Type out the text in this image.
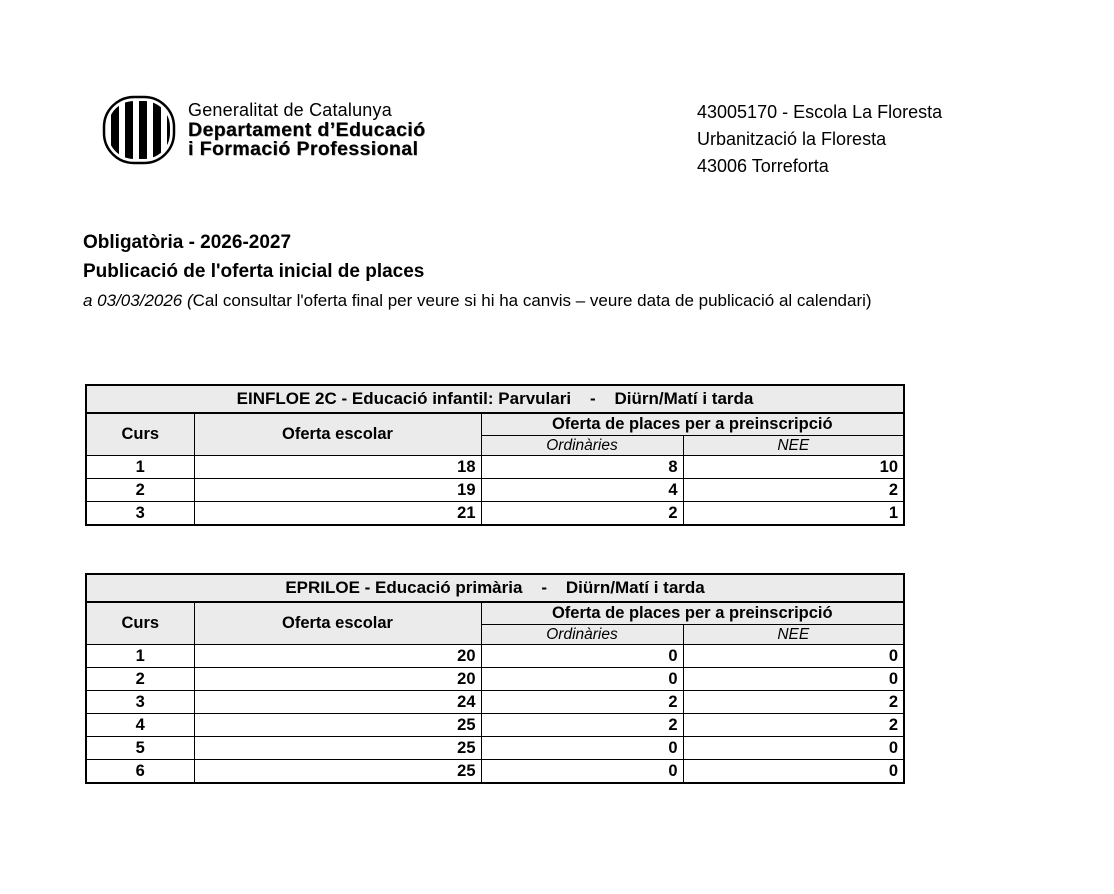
Generalitat de Catalunya
Departament d’Educació
i Formació Professional
43005170 - Escola La Floresta
Urbanització la Floresta
43006 Torreforta

Obligatòria - 2026-2027

Publicació de l'oferta inicial de places

a 03/03/2026 (Cal consultar l'oferta final per veure si hi ha canvis – veure data de publicació al calendari)

EINFLOE 2C - Educació infantil: Parvulari    -    Diürn/Matí i tarda			
Curs	Oferta escolar	Oferta de places per a preinscripció	
		Ordinàries	NEE
1	18	8	10
2	19	4	2
3	21	2	1
EPRILOE - Educació primària    -    Diürn/Matí i tarda			
Curs	Oferta escolar	Oferta de places per a preinscripció	
		Ordinàries	NEE
1	20	0	0
2	20	0	0
3	24	2	2
4	25	2	2
5	25	0	0
6	25	0	0
